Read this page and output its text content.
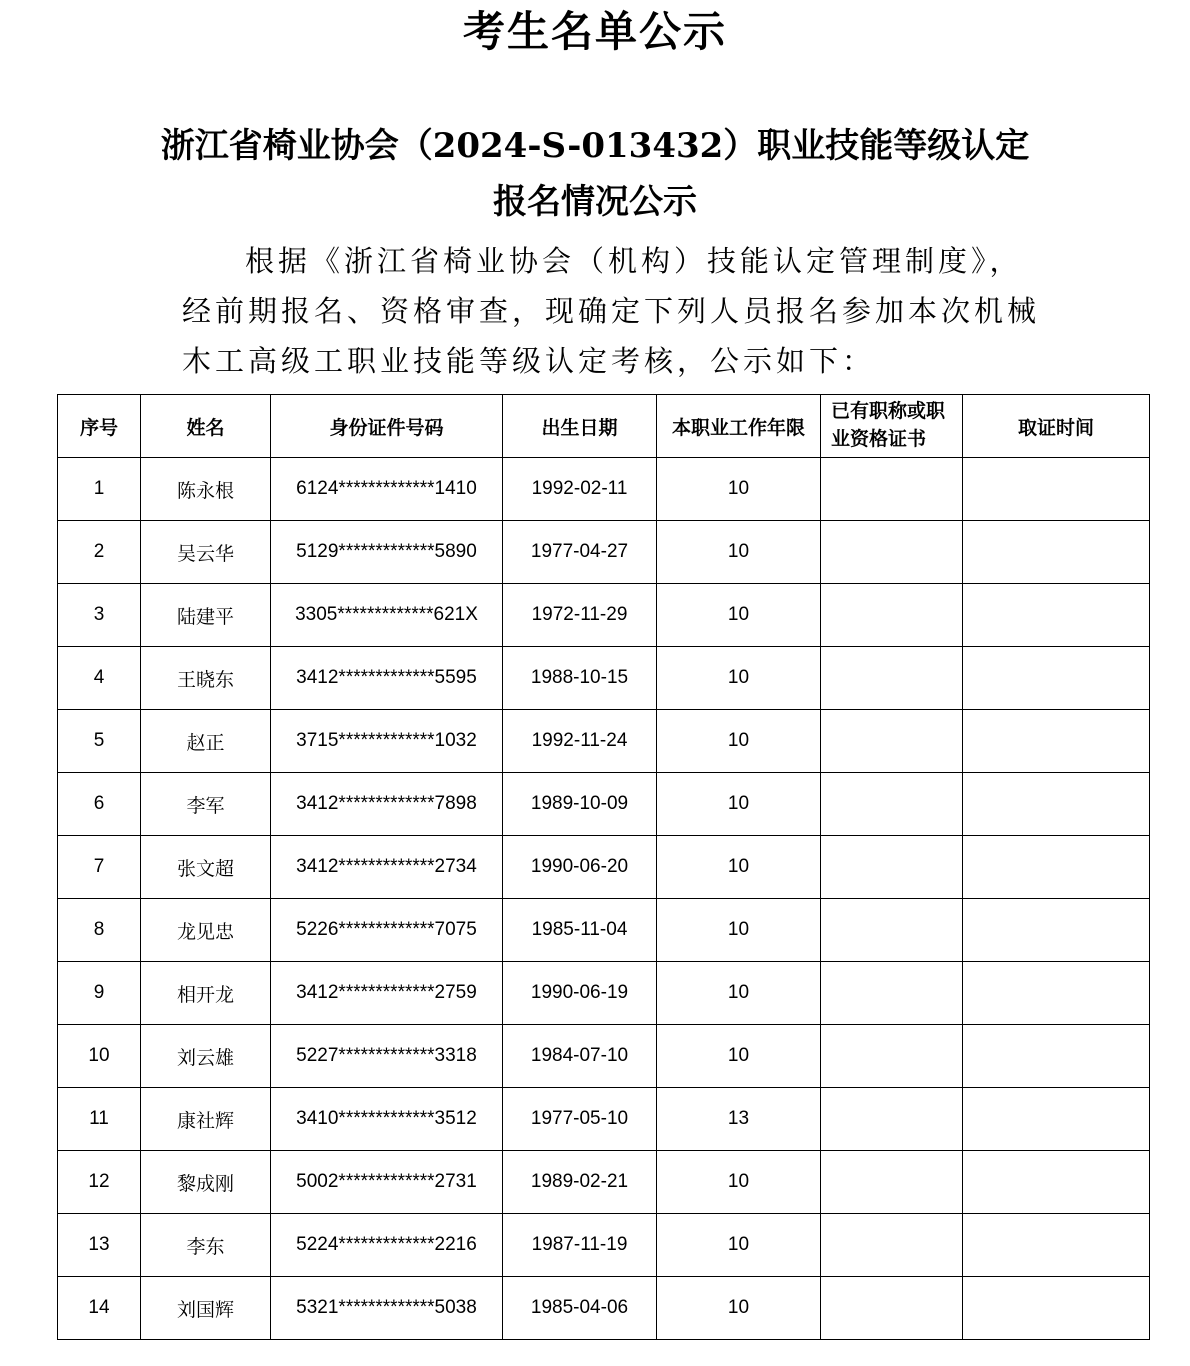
考生名单公示
浙江省椅业协会（2024-S-013432）职业技能等级认定
报名情况公示
根据《浙江省椅业协会（机构）技能认定管理制度》，
经前期报名、资格审查，现确定下列人员报名参加本次机械
木工高级工职业技能等级认定考核，公示如下：
序号	姓名	身份证件号码	出生日期	本职业工作年限	已有职称或职业资格证书	取证时间
1	陈永根	6124*************1410	1992-02-11	10		
2	吴云华	5129*************5890	1977-04-27	10		
3	陆建平	3305*************621X	1972-11-29	10		
4	王晓东	3412*************5595	1988-10-15	10		
5	赵正	3715*************1032	1992-11-24	10		
6	李军	3412*************7898	1989-10-09	10		
7	张文超	3412*************2734	1990-06-20	10		
8	龙见忠	5226*************7075	1985-11-04	10		
9	相开龙	3412*************2759	1990-06-19	10		
10	刘云雄	5227*************3318	1984-07-10	10		
11	康社辉	3410*************3512	1977-05-10	13		
12	黎成刚	5002*************2731	1989-02-21	10		
13	李东	5224*************2216	1987-11-19	10		
14	刘国辉	5321*************5038	1985-04-06	10		
